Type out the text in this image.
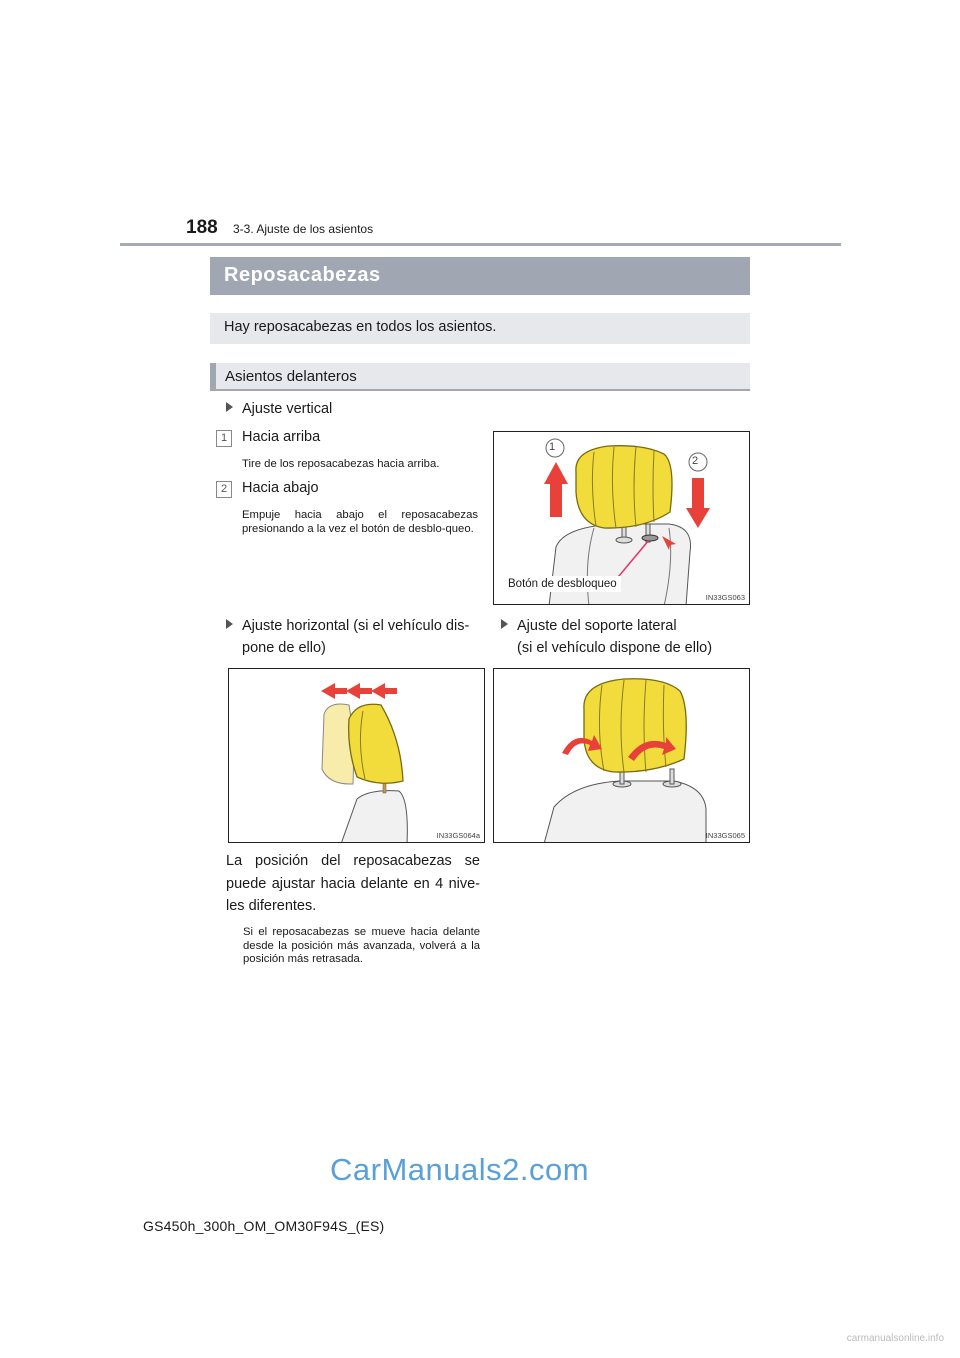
188 3-3. Ajuste de los asientos
Reposacabezas
Hay reposacabezas en todos los asientos.
Asientos delanteros
Ajuste vertical
1	Hacia arriba
Tire de los reposacabezas hacia arriba.
2	Hacia abajo
Empuje hacia abajo el reposacabezas presionando a la vez el botón de desblo-queo.
1
2
Botón de desbloqueo
IN33GS063
Ajuste horizontal (si el vehículo dis-
pone de ello)
Ajuste del soporte lateral
(si el vehículo dispone de ello)
IN33GS064a	IN33GS065
La posición del reposacabezas se puede ajustar hacia delante en 4 nive-les diferentes.
Si el reposacabezas se mueve hacia delante desde la posición más avanzada, volverá a la posición más retrasada.
CarManuals2.com
GS450h_300h_OM_OM30F94S_(ES)
carmanualsonline.info
